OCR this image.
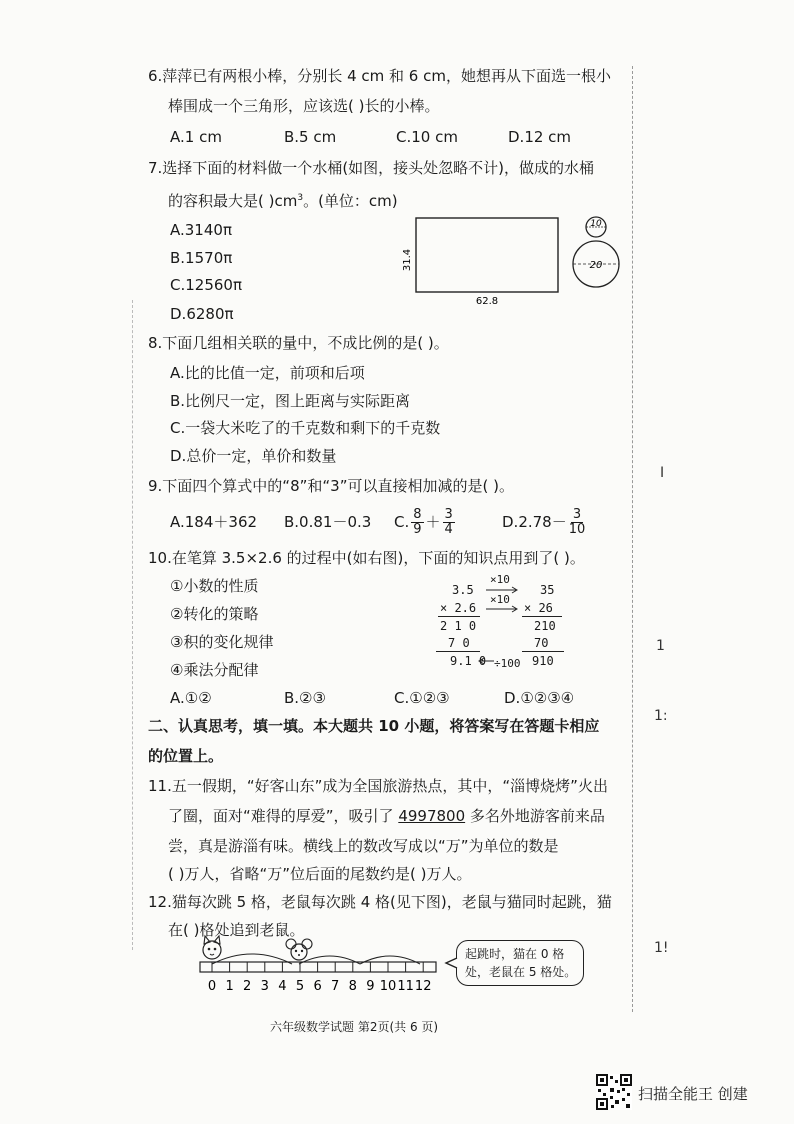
6.萍萍已有两根小棒，分别长 4 cm 和 6 cm，她想再从下面选一根小
棒围成一个三角形，应该选( )长的小棒。
A.1 cm	B.5 cm	C.10 cm	D.12 cm
7.选择下面的材料做一个水桶(如图，接头处忽略不计)，做成的水桶
的容积最大是( )$cm^3$。(单位：cm)
A.3140π
B.1570π
C.12560π
D.6280π
31.4
62.8
10
20
8.下面几组相关联的量中，不成比例的是( )。
A.比的比值一定，前项和后项
B.比例尺一定，图上距离与实际距离
C.一袋大米吃了的千克数和剩下的千克数
D.总价一定，单价和数量
9.下面四个算式中的“8”和“3”可以直接相加减的是( )。
A.184＋362 B.0.81－0.3 C. $\frac{8}{9} + \frac{3}{4}$	$D.2.78- \frac{3}{10}$
10.在笔算 3.5×2.6 的过程中(如右图)，下面的知识点用到了( )。
①小数的性质
②转化的策略
③积的变化规律
④乘法分配律
3.5
× 2.6
2 1 0
7 0
9.1 0
35
× 26
210
70
910
×10
×10
÷100
A.①②	B.②③	C.①②③	D.①②③④
二、认真思考，填一填。本大题共 10 小题，将答案写在答题卡相应
的位置上。
11.五一假期，“好客山东”成为全国旅游热点，其中，“淄博烧烤”火出
了圈，面对“难得的厚爱”，吸引了 4997800 多名外地游客前来品
尝，真是游淄有味。横线上的数改写成以“万”为单位的数是
( )万人，省略“万”位后面的尾数约是( )万人。
12.猫每次跳 5 格，老鼠每次跳 4 格(见下图)，老鼠与猫同时起跳，猫
在( )格处追到老鼠。
0 1 2 3 4 5 6 7 8 9 10 11 12
起跳时，猫在 0 格
处，老鼠在 5 格处。
六年级数学试题 第2页(共 6 页)
I
1
1:
1!
扫描全能王 创建
